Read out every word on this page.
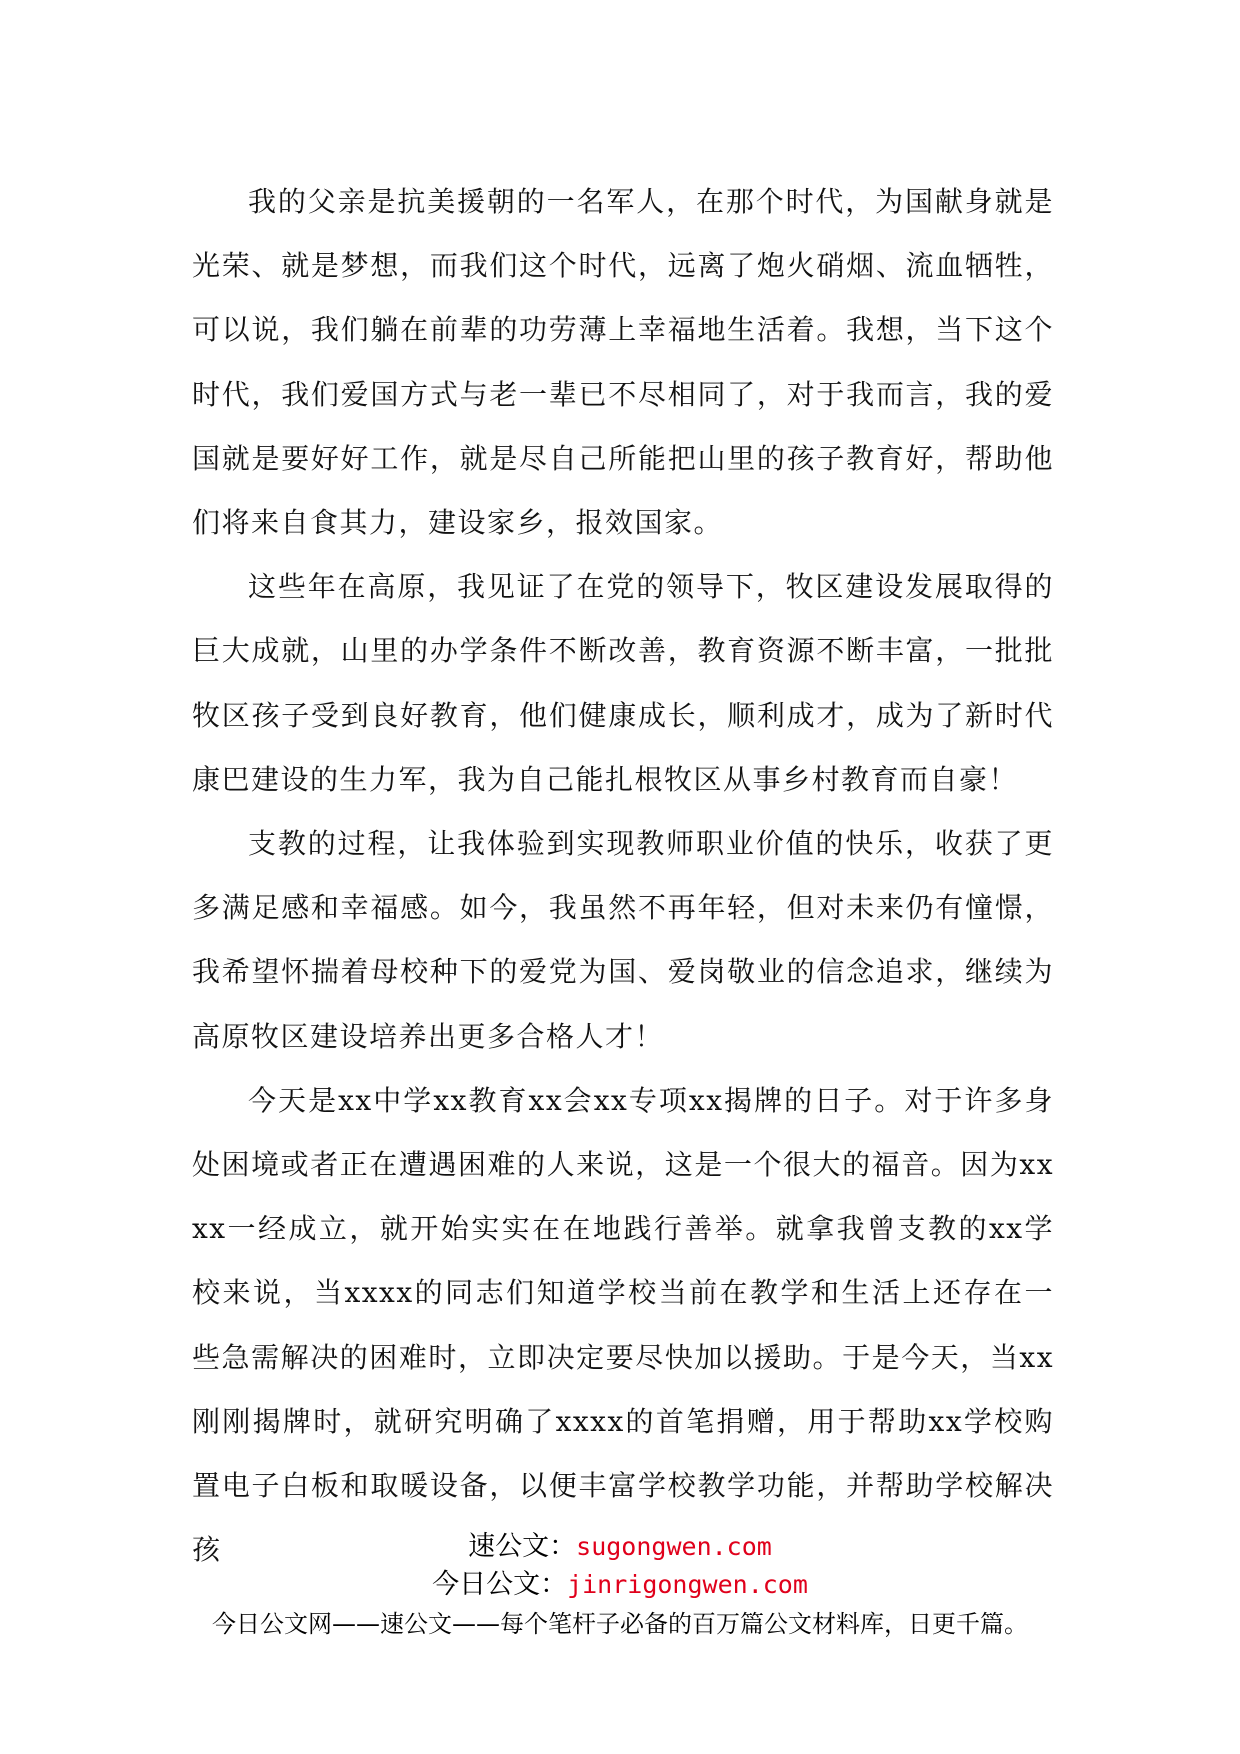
我的父亲是抗美援朝的一名军人，在那个时代，为国献身就是光荣、就是梦想，而我们这个时代，远离了炮火硝烟、流血牺牲，可以说，我们躺在前辈的功劳薄上幸福地生活着。我想，当下这个时代，我们爱国方式与老一辈已不尽相同了，对于我而言，我的爱国就是要好好工作，就是尽自己所能把山里的孩子教育好，帮助他们将来自食其力，建设家乡，报效国家。

这些年在高原，我见证了在党的领导下，牧区建设发展取得的巨大成就，山里的办学条件不断改善，教育资源不断丰富，一批批牧区孩子受到良好教育，他们健康成长，顺利成才，成为了新时代康巴建设的生力军，我为自己能扎根牧区从事乡村教育而自豪！

支教的过程，让我体验到实现教师职业价值的快乐，收获了更多满足感和幸福感。如今，我虽然不再年轻，但对未来仍有憧憬，我希望怀揣着母校种下的爱党为国、爱岗敬业的信念追求，继续为高原牧区建设培养出更多合格人才！

今天是xx中学xx教育xx会xx专项xx揭牌的日子。对于许多身处困境或者正在遭遇困难的人来说，这是一个很大的福音。因为xxxx一经成立，就开始实实在在地践行善举。就拿我曾支教的xx学校来说，当xxxx的同志们知道学校当前在教学和生活上还存在一些急需解决的困难时，立即决定要尽快加以援助。于是今天，当xx刚刚揭牌时，就研究明确了xxxx的首笔捐赠，用于帮助xx学校购置电子白板和取暖设备，以便丰富学校教学功能，并帮助学校解决孩	速公文：sugongwen.com
今日公文：jinrigongwen.com
今日公文网——速公文——每个笔杆子必备的百万篇公文材料库，日更千篇。
